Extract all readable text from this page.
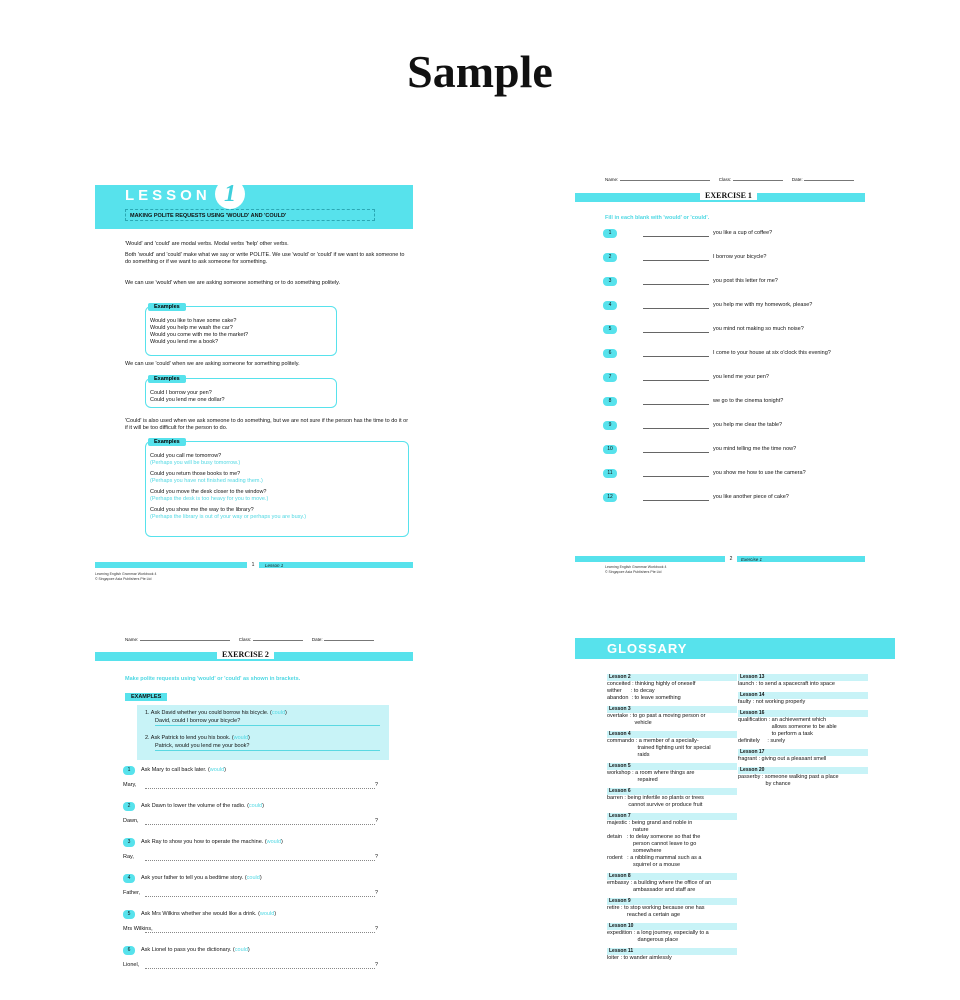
Sample
LESSON 1
MAKING POLITE REQUESTS USING 'WOULD' AND 'COULD'
'Would' and 'could' are modal verbs. Modal verbs 'help' other verbs.
Both 'would' and 'could' make what we say or write POLITE. We use 'would' or 'could' if we want to ask someone to do something or if we want to ask someone for something.
We can use 'would' when we are asking someone something or to do something politely.
Examples
Would you like to have some cake?
Would you help me wash the car?
Would you come with me to the market?
Would you lend me a book?
We can use 'could' when we are asking someone for something politely.
Examples
Could I borrow your pen?
Could you lend me one dollar?
'Could' is also used when we ask someone to do something, but we are not sure if the person has the time to do it or if it will be too difficult for the person to do.
Examples
Could you call me tomorrow?
(Perhaps you will be busy tomorrow.)
Could you return those books to me?
(Perhaps you have not finished reading them.)
Could you move the desk closer to the window?
(Perhaps the desk is too heavy for you to move.)
Could you show me the way to the library?
(Perhaps the library is out of your way or perhaps you are busy.)
1	Lesson 1
Learning English Grammar Workbook 4
© Singapore Asia Publishers Pte Ltd
Name:	Class:	Date:
EXERCISE 1
Fill in each blank with 'would' or 'could'.
1	you like a cup of coffee?
2	I borrow your bicycle?
3	you post this letter for me?
4	you help me with my homework, please?
5	you mind not making so much noise?
6	I come to your house at six o'clock this evening?
7	you lend me your pen?
8	we go to the cinema tonight?
9	you help me clear the table?
10	you mind telling me the time now?
11	you show me how to use the camera?
12	you like another piece of cake?
2	Exercise 1
Learning English Grammar Workbook 4
© Singapore Asia Publishers Pte Ltd
Name:	Class:	Date:
EXERCISE 2
Make polite requests using 'would' or 'could' as shown in brackets.
EXAMPLES
1. Ask David whether you could borrow his bicycle. (could)
David, could I borrow your bicycle?
2. Ask Patrick to lend you his book. (would)
Patrick, would you lend me your book?
1 Ask Mary to call back later. (would)
Mary,	?
2 Ask Dawn to lower the volume of the radio. (could)
Dawn,	?
3 Ask Ray to show you how to operate the machine. (would)
Ray,	?
4 Ask your father to tell you a bedtime story. (could)
Father,	?
5 Ask Mrs Wilkins whether she would like a drink. (would)
Mrs Wilkins,	?
6 Ask Lionel to pass you the dictionary. (could)
Lionel,	?
GLOSSARY
Lesson 2
conceited : thinking highly of oneself
wither      : to decay
abandon  : to leave something
Lesson 3
overtake : to go past a moving person or
vehicle
Lesson 4
commando : a member of a specially-
trained fighting unit for special
raids
Lesson 5
workshop : a room where things are
repaired
Lesson 6
barren : being infertile so plants or trees
cannot survive or produce fruit
Lesson 7
majestic : being grand and noble in
nature
detain   : to delay someone so that the
person cannot leave to go
somewhere
rodent   : a nibbling mammal such as a
squirrel or a mouse
Lesson 8
embassy : a building where the office of an
ambassador and staff are
Lesson 9
retire : to stop working because one has
reached a certain age
Lesson 10
expedition : a long journey, especially to a
dangerous place
Lesson 11
loiter : to wander aimlessly
Lesson 13
launch : to send a spacecraft into space
Lesson 14
faulty : not working properly
Lesson 16
qualification : an achievement which
allows someone to be able
to perform a task
definitely     : surely
Lesson 17
fragrant : giving out a pleasant smell
Lesson 20
passerby : someone walking past a place
by chance
